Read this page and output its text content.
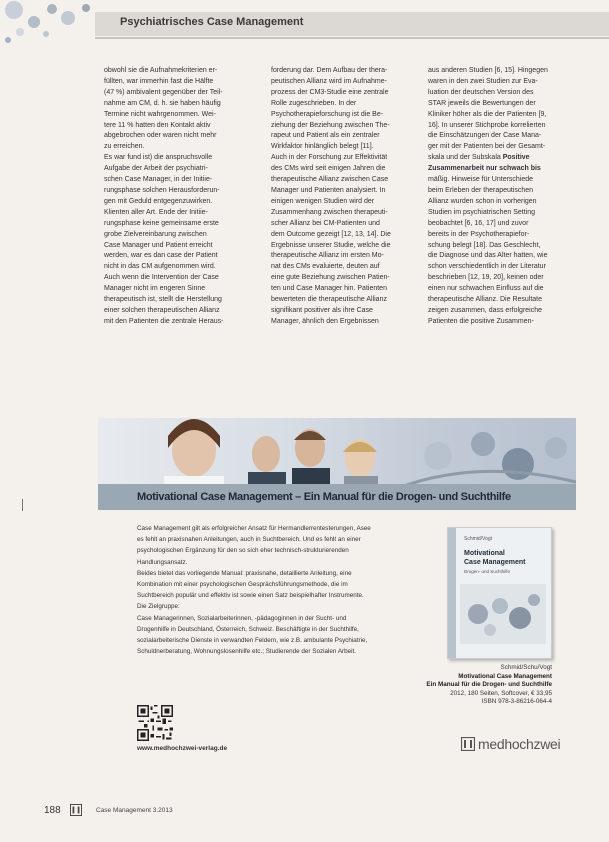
Psychiatrisches Case Management

obwohl sie die Aufnahmekriterien er-

füllten, war immerhin fast die Hälfte

(47 %) ambivalent gegenüber der Teil-

nahme am CM, d. h. sie haben häufig

Termine nicht wahrgenommen. Wei-

tere 11 % hatten den Kontakt aktiv

abgebrochen oder waren nicht mehr

zu erreichen.

Es war fund ist) die anspruchsvolle

Aufgabe der Arbeit der psychiatri-

schen Case Manager, in der Initiie-

rungsphase solchen Herausforderun-

gen mit Geduld entgegenzuwirken.

Klienten aller Art. Ende der Initiie-

rungsphase keine gemeinsame erste

grobe Zielvereinbarung zwischen

Case Manager und Patient erreicht

werden, war es dan case der Patient

nicht in das CM aufgenommen wird.

Auch wenn die Intervention der Case

Manager nicht im engeren Sinne

therapeutisch ist, stellt die Herstellung

einer solchen therapeutischen Allianz

mit den Patienten die zentrale Heraus-

forderung dar. Dem Aufbau der thera-

peutischen Allianz wird im Aufnahme-

prozess der CM3-Studie eine zentrale

Rolle zugeschrieben. In der

Psychotherapieforschung ist die Be-

ziehung der Beziehung zwischen The-

rapeut und Patient als ein zentraler

Wirkfaktor hinlänglich belegt [11].

Auch in der Forschung zur Effektivität

des CMs wird seit einigen Jahren die

therapeutische Allianz zwischen Case

Manager und Patienten analysiert. In

einigen wenigen Studien wird der

Zusammenhang zwischen therapeuti-

scher Allianz bei CM-Patienten und

dem Outcome gezeigt [12, 13, 14]. Die

Ergebnisse unserer Studie, welche die

therapeutische Allianz im ersten Mo-

nat des CMs evaluierte, deuten auf

eine gute Beziehung zwischen Patien-

ten und Case Manager hin. Patienten

bewerteten die therapeutische Allianz

signifikant positiver als ihre Case

Manager, ähnlich den Ergebnissen

aus anderen Studien [6, 15]. Hingegen

waren in den zwei Studien zur Eva-

luation der deutschen Version des

STAR jeweils die Bewertungen der

Kliniker höher als die der Patienten [9,

16]. In unserer Stichprobe korrelierten

die Einschätzungen der Case Mana-

ger mit der Patienten bei der Gesamt-

skala und der Subskala Positive

Zusammenarbeit nur schwach bis

mäßig. Hinweise für Unterschiede

beim Erleben der therapeutischen

Allianz wurden schon in vorherigen

Studien im psychiatrischen Setting

beobachtet [6, 16, 17] und zuvor

bereits in der Psychotherapiefor-

schung belegt [18]. Das Geschlecht,

die Diagnose und das Alter hatten, wie

schon verschiedentlich in der Literatur

beschrieben [12, 19, 20], keinen oder

einen nur schwachen Einfluss auf die

therapeutische Allianz. Die Resultate

zeigen zusammen, dass erfolgreiche

Patienten die positive Zusammen-

Motivational Case Management – Ein Manual für die Drogen- und Suchthilfe

Case Management gilt als erfolgreicher Ansatz für Hermandlerrentesterungen, Asee

es fehlt an praxisnahen Anleitungen, auch in Suchtbereich. Und es fehlt an einer

psychologischen Ergänzung für den so sich eher technisch-strukturierenden

Handlungsansatz.

Beides bietet das vorliegende Manual: praxisnahe, detaillierte Anleitung, eine

Kombination mit einer psychologischen Gesprächsführungsmethode, die im

Suchtbereich populär und effektiv ist sowie einen Satz beispielhafter Instrumente.

Die Zielgruppe:

Case Managerinnen, Sozialarbeiterinnen, -pädagoginnen in der Sucht- und

Drogenhilfe in Deutschland, Österreich, Schweiz. Beschäftigte in der Suchthilfe,

sozialarbeiterische Dienste in verwandten Feldern, wie z.B. ambulante Psychiatrie,

Schuldnerberatung, Wohnungslosenhilfe etc.; Studierende der Sozialen Arbeit.

Schmid/Vogt
Motivational
Case Management
Drogen- und Suchthilfe
Schmid/Schu/Vogt
Motivational Case Management
Ein Manual für die Drogen- und Suchthilfe
2012, 180 Seiten, Softcover, € 33,95
ISBN 978-3-86216-064-4
www.medhochzwei-verlag.de	medhochzwei
188	Case Management 3.2013
